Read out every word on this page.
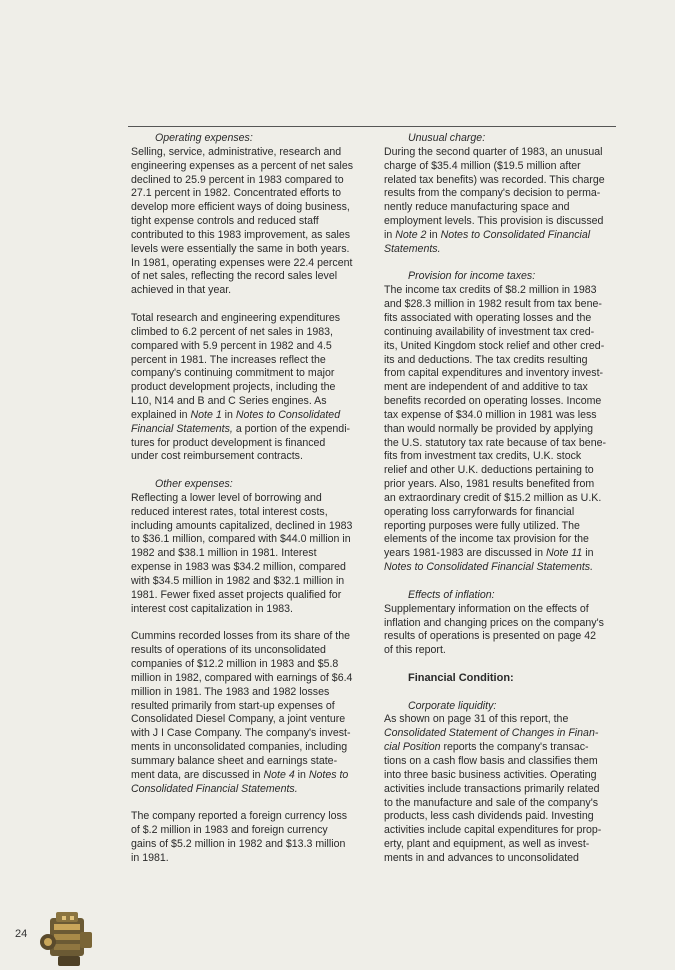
Operating expenses:
Selling, service, administrative, research and
engineering expenses as a percent of net sales
declined to 25.9 percent in 1983 compared to
27.1 percent in 1982. Concentrated efforts to
develop more efficient ways of doing business,
tight expense controls and reduced staff
contributed to this 1983 improvement, as sales
levels were essentially the same in both years.
In 1981, operating expenses were 22.4 percent
of net sales, reflecting the record sales level
achieved in that year.
Total research and engineering expenditures
climbed to 6.2 percent of net sales in 1983,
compared with 5.9 percent in 1982 and 4.5
percent in 1981. The increases reflect the
company's continuing commitment to major
product development projects, including the
L10, N14 and B and C Series engines. As
explained in Note 1 in Notes to Consolidated
Financial Statements, a portion of the expendi-
tures for product development is financed
under cost reimbursement contracts.
Other expenses:
Reflecting a lower level of borrowing and
reduced interest rates, total interest costs,
including amounts capitalized, declined in 1983
to $36.1 million, compared with $44.0 million in
1982 and $38.1 million in 1981. Interest
expense in 1983 was $34.2 million, compared
with $34.5 million in 1982 and $32.1 million in
1981. Fewer fixed asset projects qualified for
interest cost capitalization in 1983.
Cummins recorded losses from its share of the
results of operations of its unconsolidated
companies of $12.2 million in 1983 and $5.8
million in 1982, compared with earnings of $6.4
million in 1981. The 1983 and 1982 losses
resulted primarily from start-up expenses of
Consolidated Diesel Company, a joint venture
with J I Case Company. The company's invest-
ments in unconsolidated companies, including
summary balance sheet and earnings state-
ment data, are discussed in Note 4 in Notes to
Consolidated Financial Statements.
The company reported a foreign currency loss
of $.2 million in 1983 and foreign currency
gains of $5.2 million in 1982 and $13.3 million
in 1981.
Unusual charge:
During the second quarter of 1983, an unusual
charge of $35.4 million ($19.5 million after
related tax benefits) was recorded. This charge
results from the company's decision to perma-
nently reduce manufacturing space and
employment levels. This provision is discussed
in Note 2 in Notes to Consolidated Financial
Statements.
Provision for income taxes:
The income tax credits of $8.2 million in 1983
and $28.3 million in 1982 result from tax bene-
fits associated with operating losses and the
continuing availability of investment tax cred-
its, United Kingdom stock relief and other cred-
its and deductions. The tax credits resulting
from capital expenditures and inventory invest-
ment are independent of and additive to tax
benefits recorded on operating losses. Income
tax expense of $34.0 million in 1981 was less
than would normally be provided by applying
the U.S. statutory tax rate because of tax bene-
fits from investment tax credits, U.K. stock
relief and other U.K. deductions pertaining to
prior years. Also, 1981 results benefited from
an extraordinary credit of $15.2 million as U.K.
operating loss carryforwards for financial
reporting purposes were fully utilized. The
elements of the income tax provision for the
years 1981-1983 are discussed in Note 11 in
Notes to Consolidated Financial Statements.
Effects of inflation:
Supplementary information on the effects of
inflation and changing prices on the company's
results of operations is presented on page 42
of this report.
Financial Condition:
Corporate liquidity:
As shown on page 31 of this report, the
Consolidated Statement of Changes in Finan-
cial Position reports the company's transac-
tions on a cash flow basis and classifies them
into three basic business activities. Operating
activities include transactions primarily related
to the manufacture and sale of the company's
products, less cash dividends paid. Investing
activities include capital expenditures for prop-
erty, plant and equipment, as well as invest-
ments in and advances to unconsolidated
24
